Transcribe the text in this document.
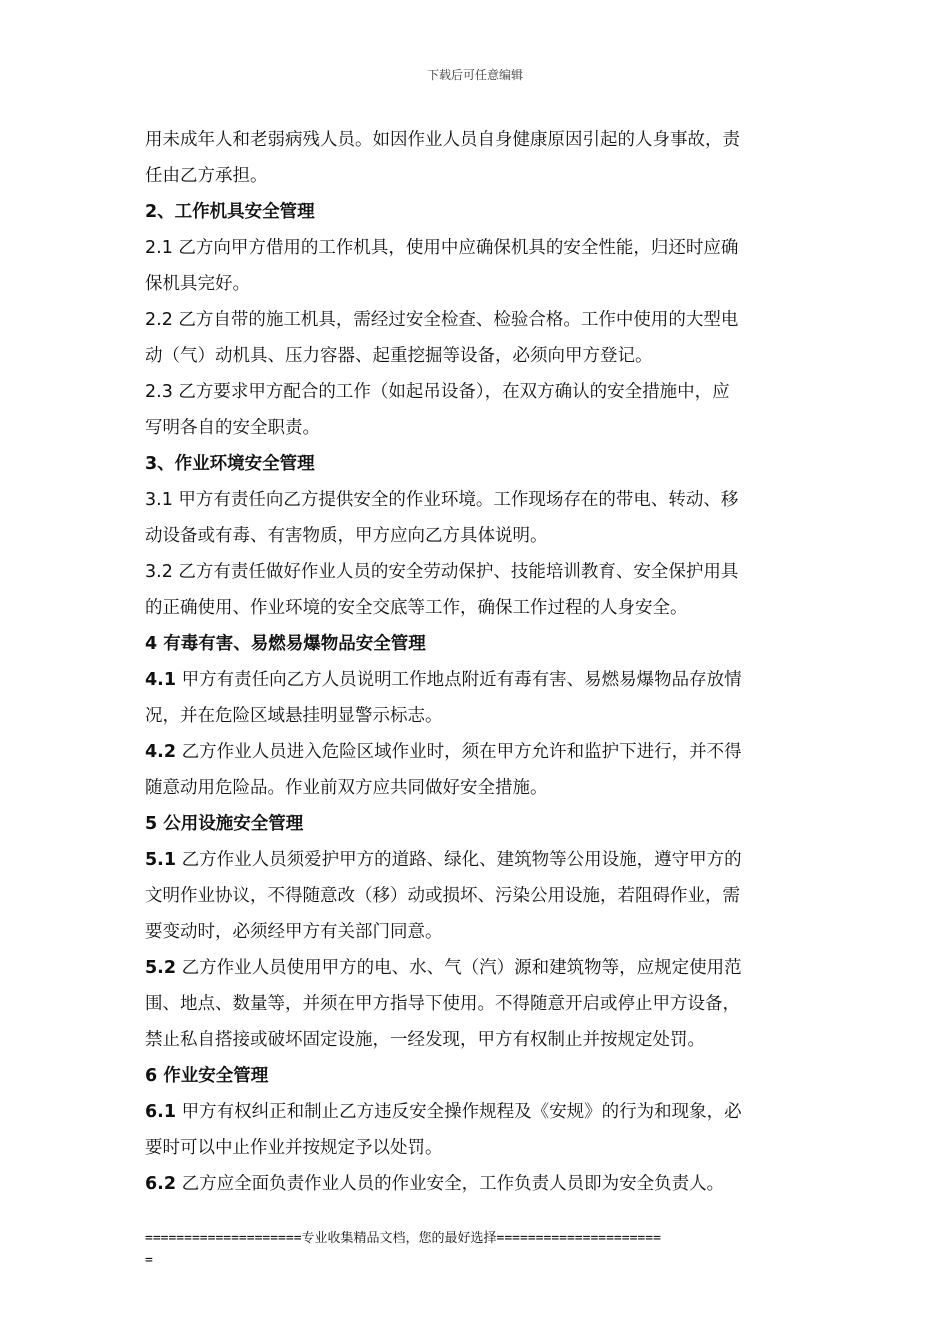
下载后可任意编辑
用未成年人和老弱病残人员。如因作业人员自身健康原因引起的人身事故，责
任由乙方承担。
2、工作机具安全管理
2.1 乙方向甲方借用的工作机具，使用中应确保机具的安全性能，归还时应确
保机具完好。
2.2 乙方自带的施工机具，需经过安全检查、检验合格。工作中使用的大型电
动（气）动机具、压力容器、起重挖掘等设备，必须向甲方登记。
2.3 乙方要求甲方配合的工作（如起吊设备），在双方确认的安全措施中，应
写明各自的安全职责。
3、作业环境安全管理
3.1 甲方有责任向乙方提供安全的作业环境。工作现场存在的带电、转动、移
动设备或有毒、有害物质，甲方应向乙方具体说明。
3.2 乙方有责任做好作业人员的安全劳动保护、技能培训教育、安全保护用具
的正确使用、作业环境的安全交底等工作，确保工作过程的人身安全。
4 有毒有害、易燃易爆物品安全管理
4.1 甲方有责任向乙方人员说明工作地点附近有毒有害、易燃易爆物品存放情
况，并在危险区域悬挂明显警示标志。
4.2 乙方作业人员进入危险区域作业时，须在甲方允许和监护下进行，并不得
随意动用危险品。作业前双方应共同做好安全措施。
5 公用设施安全管理
5.1 乙方作业人员须爱护甲方的道路、绿化、建筑物等公用设施，遵守甲方的
文明作业协议，不得随意改（移）动或损坏、污染公用设施，若阻碍作业，需
要变动时，必须经甲方有关部门同意。
5.2 乙方作业人员使用甲方的电、水、气（汽）源和建筑物等，应规定使用范
围、地点、数量等，并须在甲方指导下使用。不得随意开启或停止甲方设备，
禁止私自搭接或破坏固定设施，一经发现，甲方有权制止并按规定处罚。
6 作业安全管理
6.1 甲方有权纠正和制止乙方违反安全操作规程及《安规》的行为和现象，必
要时可以中止作业并按规定予以处罚。
6.2 乙方应全面负责作业人员的作业安全，工作负责人员即为安全负责人。
====================专业收集精品文档，您的最好选择=====================
=
